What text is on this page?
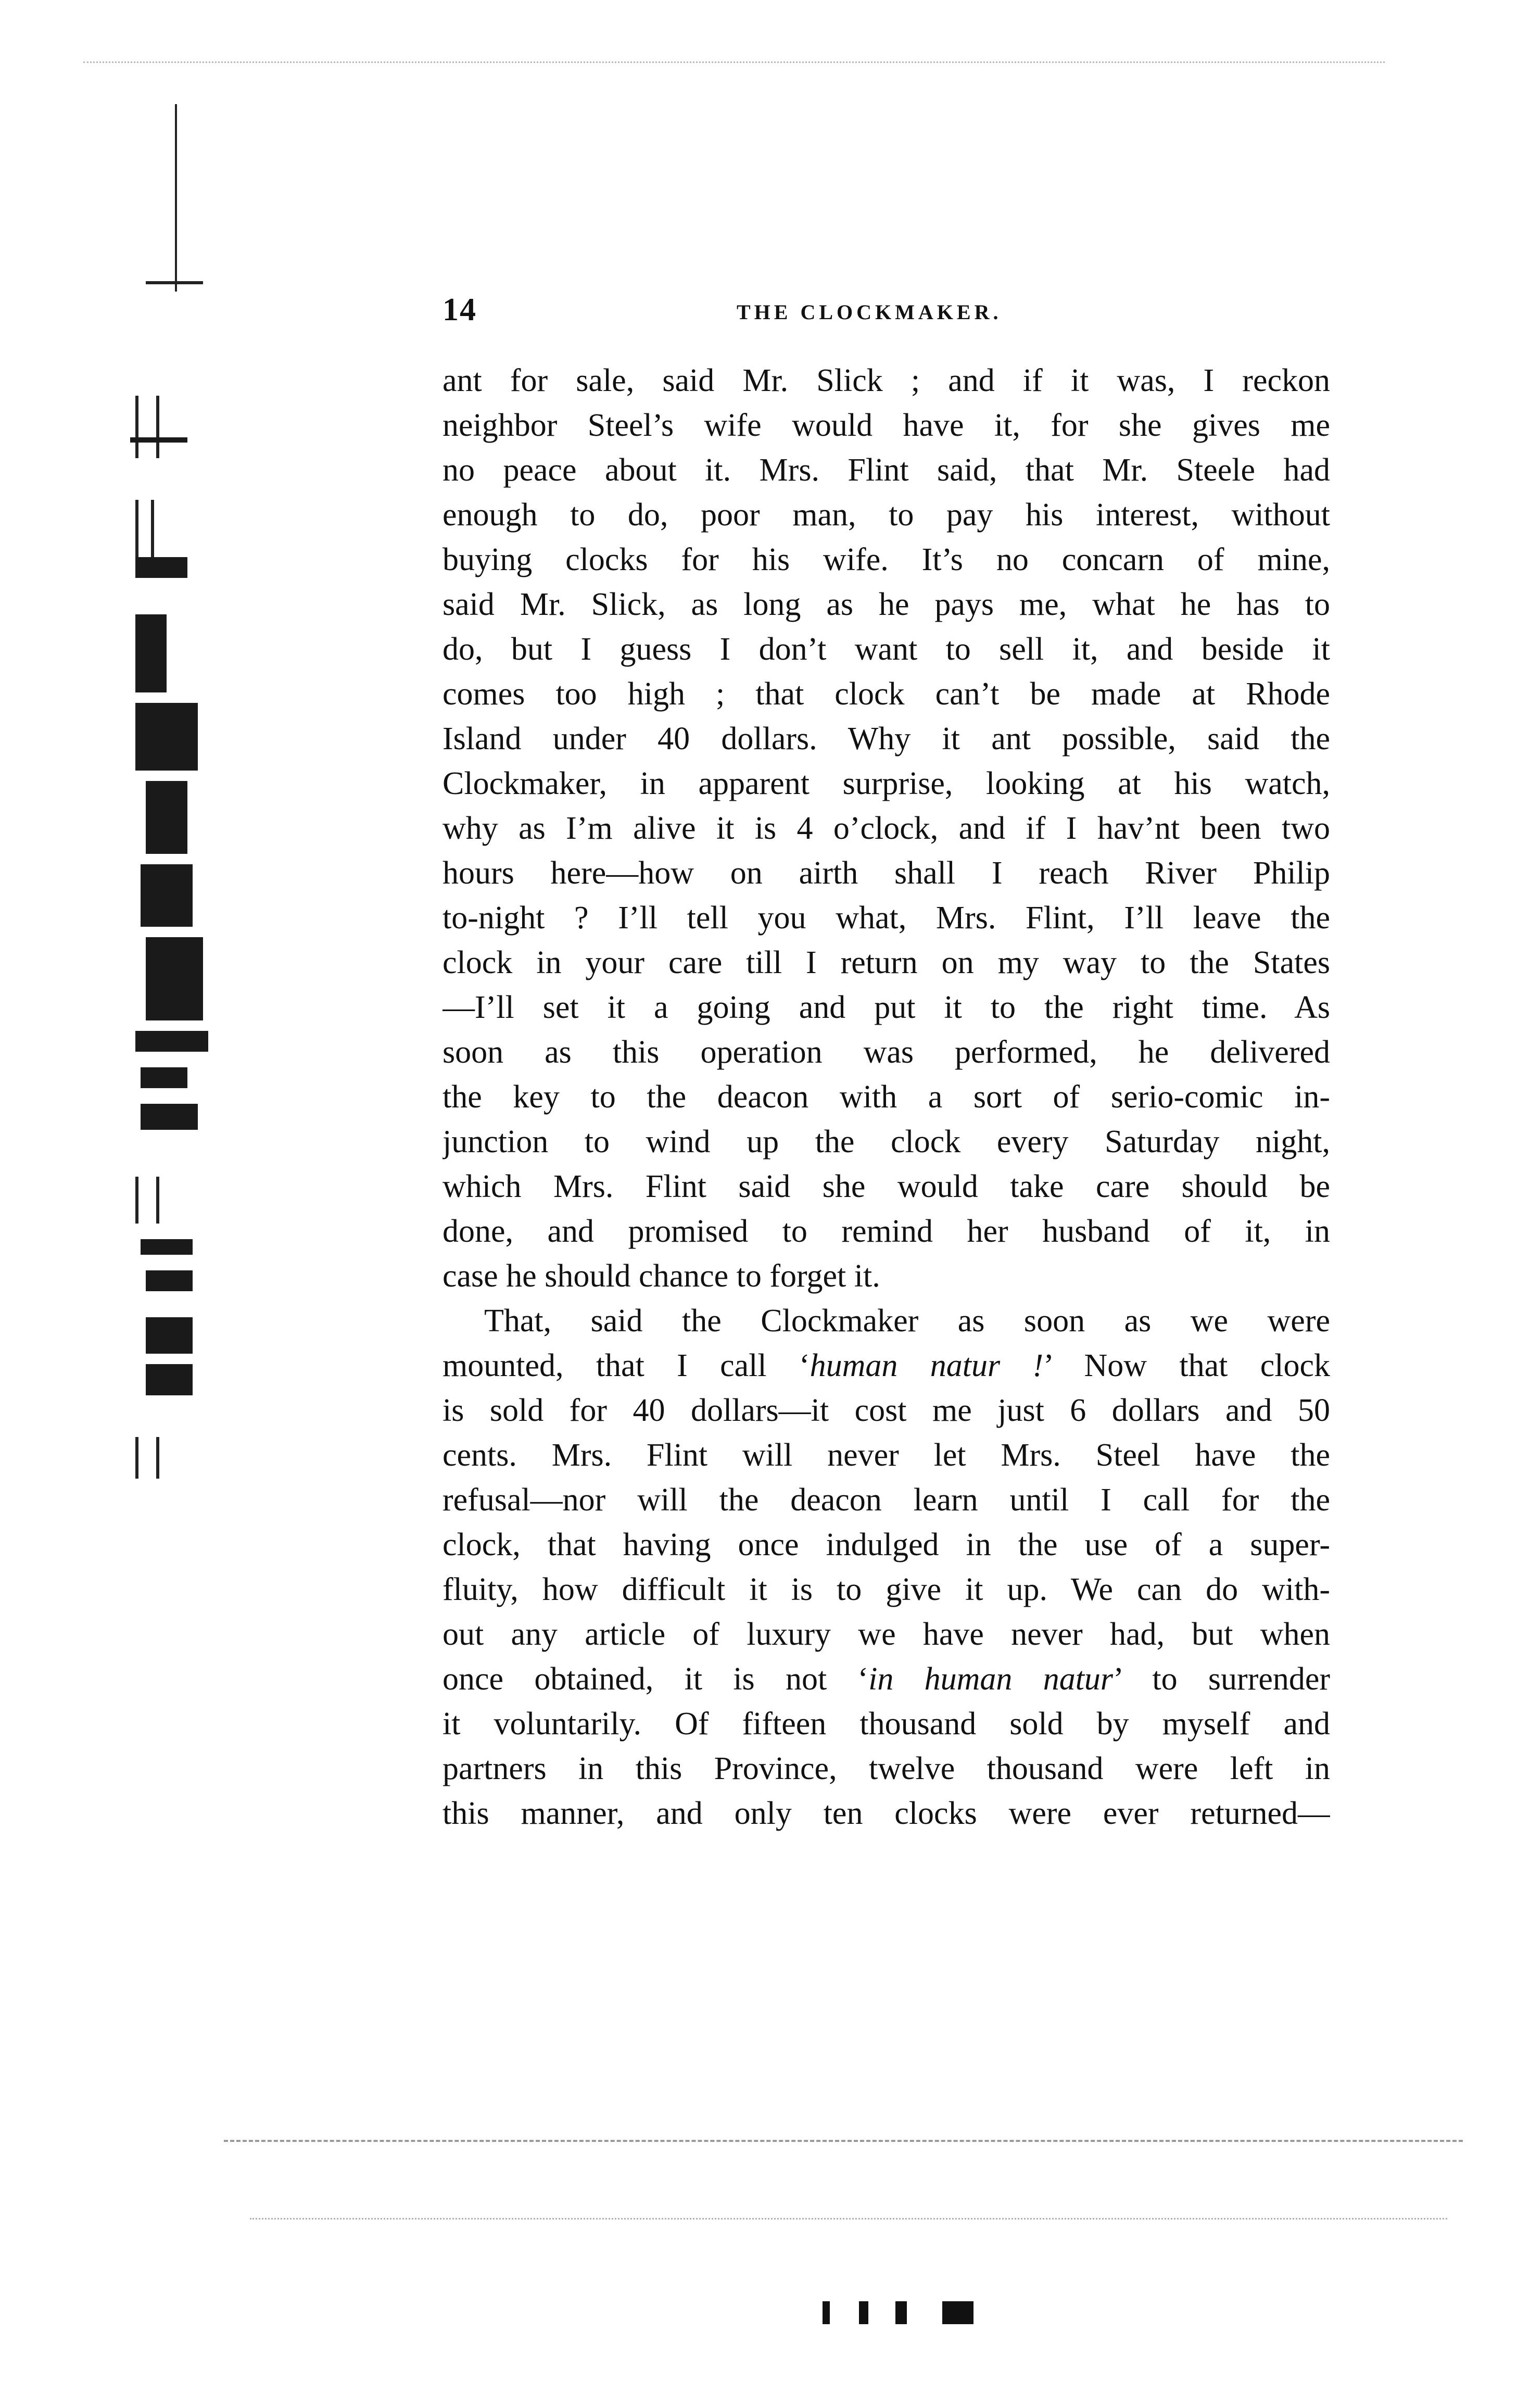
14	THE CLOCKMAKER.
ant for sale, said Mr. Slick ; and if it was, I reckon
neighbor Steel’s wife would have it, for she gives me
no peace about it. Mrs. Flint said, that Mr. Steele had
enough to do, poor man, to pay his interest, without
buying clocks for his wife. It’s no concarn of mine,
said Mr. Slick, as long as he pays me, what he has to
do, but I guess I don’t want to sell it, and beside it
comes too high ; that clock can’t be made at Rhode
Island under 40 dollars. Why it ant possible, said the
Clockmaker, in apparent surprise, looking at his watch,
why as I’m alive it is 4 o’clock, and if I hav’nt been two
hours here—how on airth shall I reach River Philip
to-night ? I’ll tell you what, Mrs. Flint, I’ll leave the
clock in your care till I return on my way to the States
—I’ll set it a going and put it to the right time. As
soon as this operation was performed, he delivered
the key to the deacon with a sort of serio-comic in-
junction to wind up the clock every Saturday night,
which Mrs. Flint said she would take care should be
done, and promised to remind her husband of it, in
case he should chance to forget it.
That, said the Clockmaker as soon as we were
mounted, that I call ‘human natur !’ Now that clock
is sold for 40 dollars—it cost me just 6 dollars and 50
cents. Mrs. Flint will never let Mrs. Steel have the
refusal—nor will the deacon learn until I call for the
clock, that having once indulged in the use of a super-
fluity, how difficult it is to give it up. We can do with-
out any article of luxury we have never had, but when
once obtained, it is not ‘in human natur’ to surrender
it voluntarily. Of fifteen thousand sold by myself and
partners in this Province, twelve thousand were left in
this manner, and only ten clocks were ever returned—
